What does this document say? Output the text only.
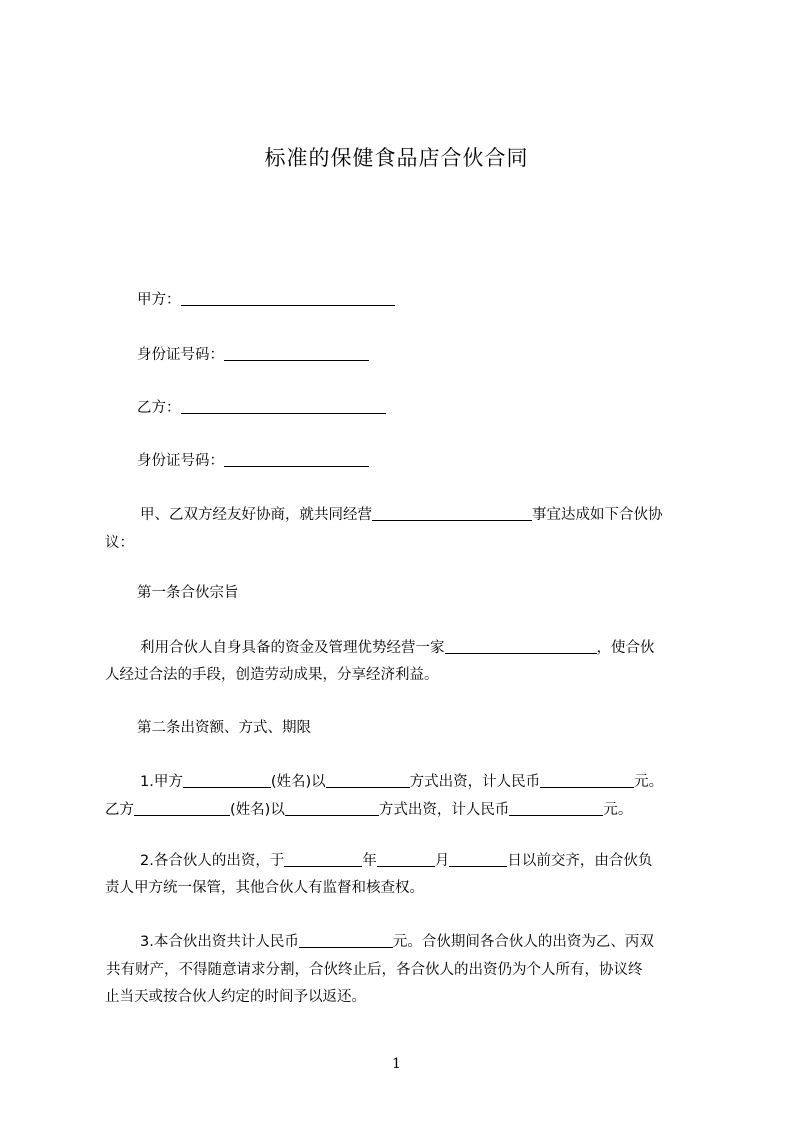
标准的保健食品店合伙合同
甲方：
身份证号码：
乙方：
身份证号码：
甲、乙双方经友好协商，就共同经营	事宜达成如下合伙协
议：
第一条合伙宗旨
利用合伙人自身具备的资金及管理优势经营一家	，使合伙
人经过合法的手段，创造劳动成果，分享经济利益。
第二条出资额、方式、期限
1.甲方	(姓名)以	方式出资，计人民币	元。
乙方	(姓名)以	方式出资，计人民币	元。
2.各合伙人的出资，于	年	月	日以前交齐，由合伙负
责人甲方统一保管，其他合伙人有监督和核查权。
3.本合伙出资共计人民币	元。合伙期间各合伙人的出资为乙、丙双
共有财产，不得随意请求分割，合伙终止后，各合伙人的出资仍为个人所有，协议终
止当天或按合伙人约定的时间予以返还。
1
